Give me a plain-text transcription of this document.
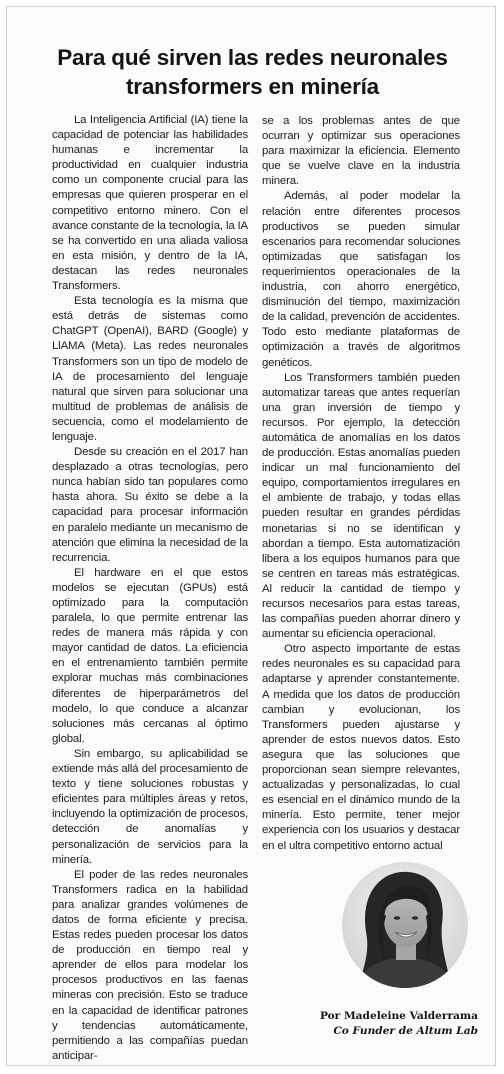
Para qué sirven las redes neuronales transformers en minería

La Inteligencia Artificial (IA) tiene la capacidad de potenciar las habilidades humanas e incrementar la productividad en cualquier industria como un componente crucial para las empresas que quieren prosperar en el competitivo entorno minero. Con el avance constante de la tecnología, la IA se ha convertido en una aliada valiosa en esta misión, y dentro de la IA, destacan las redes neuronales Transformers.

Esta tecnología es la misma que está detrás de sistemas como ChatGPT (OpenAI), BARD (Google) y LlAMA (Meta). Las redes neuronales Transformers son un tipo de modelo de IA de procesamiento del lenguaje natural que sirven para solucionar una multitud de problemas de análisis de secuencia, como el modelamiento de lenguaje.

Desde su creación en el 2017 han desplazado a otras tecnologías, pero nunca habían sido tan populares como hasta ahora. Su éxito se debe a la capacidad para procesar información en paralelo mediante un mecanismo de atención que elimina la necesidad de la recurrencia.

El hardware en el que estos modelos se ejecutan (GPUs) está optimizado para la computación paralela, lo que permite entrenar las redes de manera más rápida y con mayor cantidad de datos. La eficiencia en el entrenamiento también permite explorar muchas más combinaciones diferentes de hiperparámetros del modelo, lo que conduce a alcanzar soluciones más cercanas al óptimo global.

Sin embargo, su aplicabilidad se extiende más allá del procesamiento de texto y tiene soluciones robustas y eficientes para múltiples áreas y retos, incluyendo la optimización de procesos, detección de anomalías y personalización de servicios para la minería.

El poder de las redes neuronales Transformers radica en la habilidad para analizar grandes volúmenes de datos de forma eficiente y precisa. Estas redes pueden procesar los datos de producción en tiempo real y aprender de ellos para modelar los procesos productivos en las faenas mineras con precisión. Esto se traduce en la capacidad de identificar patrones y tendencias automáticamente, permitiendo a las compañías puedan anticipar-

se a los problemas antes de que ocurran y optimizar sus operaciones para maximizar la eficiencia. Elemento que se vuelve clave en la industria minera.

Además, al poder modelar la relación entre diferentes procesos productivos se pueden simular escenarios para recomendar soluciones optimizadas que satisfagan los requerimientos operacionales de la industria, con ahorro energético, disminución del tiempo, maximización de la calidad, prevención de accidentes. Todo esto mediante plataformas de optimización a través de algoritmos genéticos.

Los Transformers también pueden automatizar tareas que antes requerían una gran inversión de tiempo y recursos. Por ejemplo, la detección automática de anomalías en los datos de producción. Estas anomalías pueden indicar un mal funcionamiento del equipo, comportamientos irregulares en el ambiente de trabajo, y todas ellas pueden resultar en grandes pérdidas monetarias si no se identifican y abordan a tiempo. Esta automatización libera a los equipos humanos para que se centren en tareas más estratégicas. Al reducir la cantidad de tiempo y recursos necesarios para estas tareas, las compañías pueden ahorrar dinero y aumentar su eficiencia operacional.

Otro aspecto importante de estas redes neuronales es su capacidad para adaptarse y aprender constantemente. A medida que los datos de producción cambian y evolucionan, los Transformers pueden ajustarse y aprender de estos nuevos datos. Esto asegura que las soluciones que proporcionan sean siempre relevantes, actualizadas y personalizadas, lo cual es esencial en el dinámico mundo de la minería. Esto permite, tener mejor experiencia con los usuarios y destacar en el ultra competitivo entorno actual

Por Madeleine Valderrama
Co Funder de Altum Lab
